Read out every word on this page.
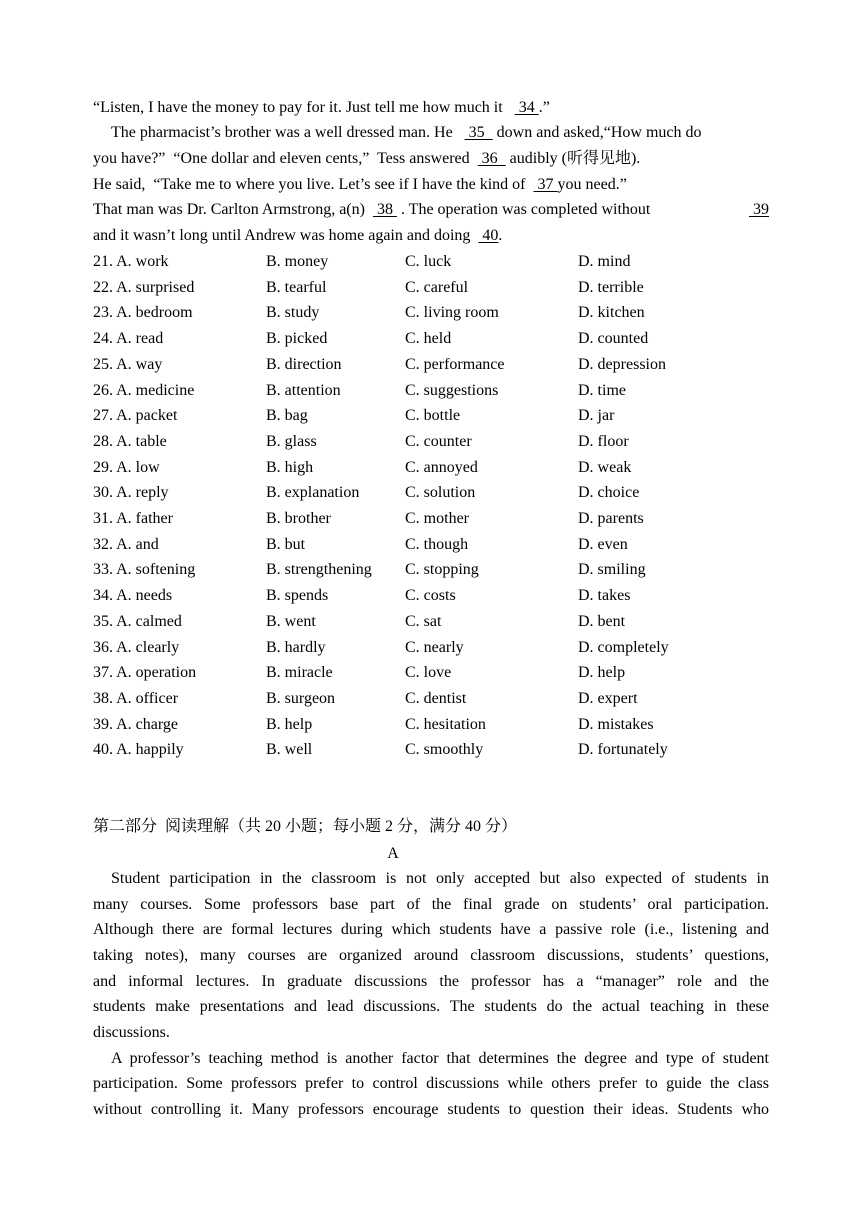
“Listen, I have the money to pay for it. Just tell me how much it    34 .”
The pharmacist’s brother was a well dressed man. He    35   down and asked,“How much do
you have?”  “One dollar and eleven cents,”  Tess answered   36   audibly (听得见地).
He said,  “Take me to where you live. Let’s see if I have the kind of   37 you need.”
That man was Dr. Carlton Armstrong, a(n)   38  . The operation was completed without	39
and it wasn’t long until Andrew was home again and doing   40.
21. A. work	B. money	C. luck	D. mind
22. A. surprised	B. tearful	C. careful	D. terrible
23. A. bedroom	B. study	C. living room	D. kitchen
24. A. read	B. picked	C. held	D. counted
25. A. way	B. direction	C. performance	D. depression
26. A. medicine	B. attention	C. suggestions	D. time
27. A. packet	B. bag	C. bottle	D. jar
28. A. table	B. glass	C. counter	D. floor
29. A. low	B. high	C. annoyed	D. weak
30. A. reply	B. explanation	C. solution	D. choice
31. A. father	B. brother	C. mother	D. parents
32. A. and	B. but	C. though	D. even
33. A. softening	B. strengthening C. stopping	D. smiling
34. A. needs	B. spends	C. costs	D. takes
35. A. calmed	B. went	C. sat	D. bent
36. A. clearly	B. hardly	C. nearly	D. completely
37. A. operation	B. miracle	C. love	D. help
38. A. officer	B. surgeon	C. dentist	D. expert
39. A. charge	B. help	C. hesitation	D. mistakes
40. A. happily	B. well	C. smoothly	D. fortunately
第二部分  阅读理解（共 20 小题；每小题 2 分，满分 40 分）
A
Student participation in the classroom is not only accepted but also expected of students in
many courses. Some professors base part of the final grade on students’ oral participation.
Although there are formal lectures during which students have a passive role (i.e., listening and
taking notes), many courses are organized around classroom discussions, students’ questions,
and informal lectures. In graduate discussions the professor has a “manager” role and the
students make presentations and lead discussions. The students do the actual teaching in these
discussions.
A professor’s teaching method is another factor that determines the degree and type of student
participation. Some professors prefer to control discussions while others prefer to guide the class
without controlling it. Many professors encourage students to question their ideas. Students who
